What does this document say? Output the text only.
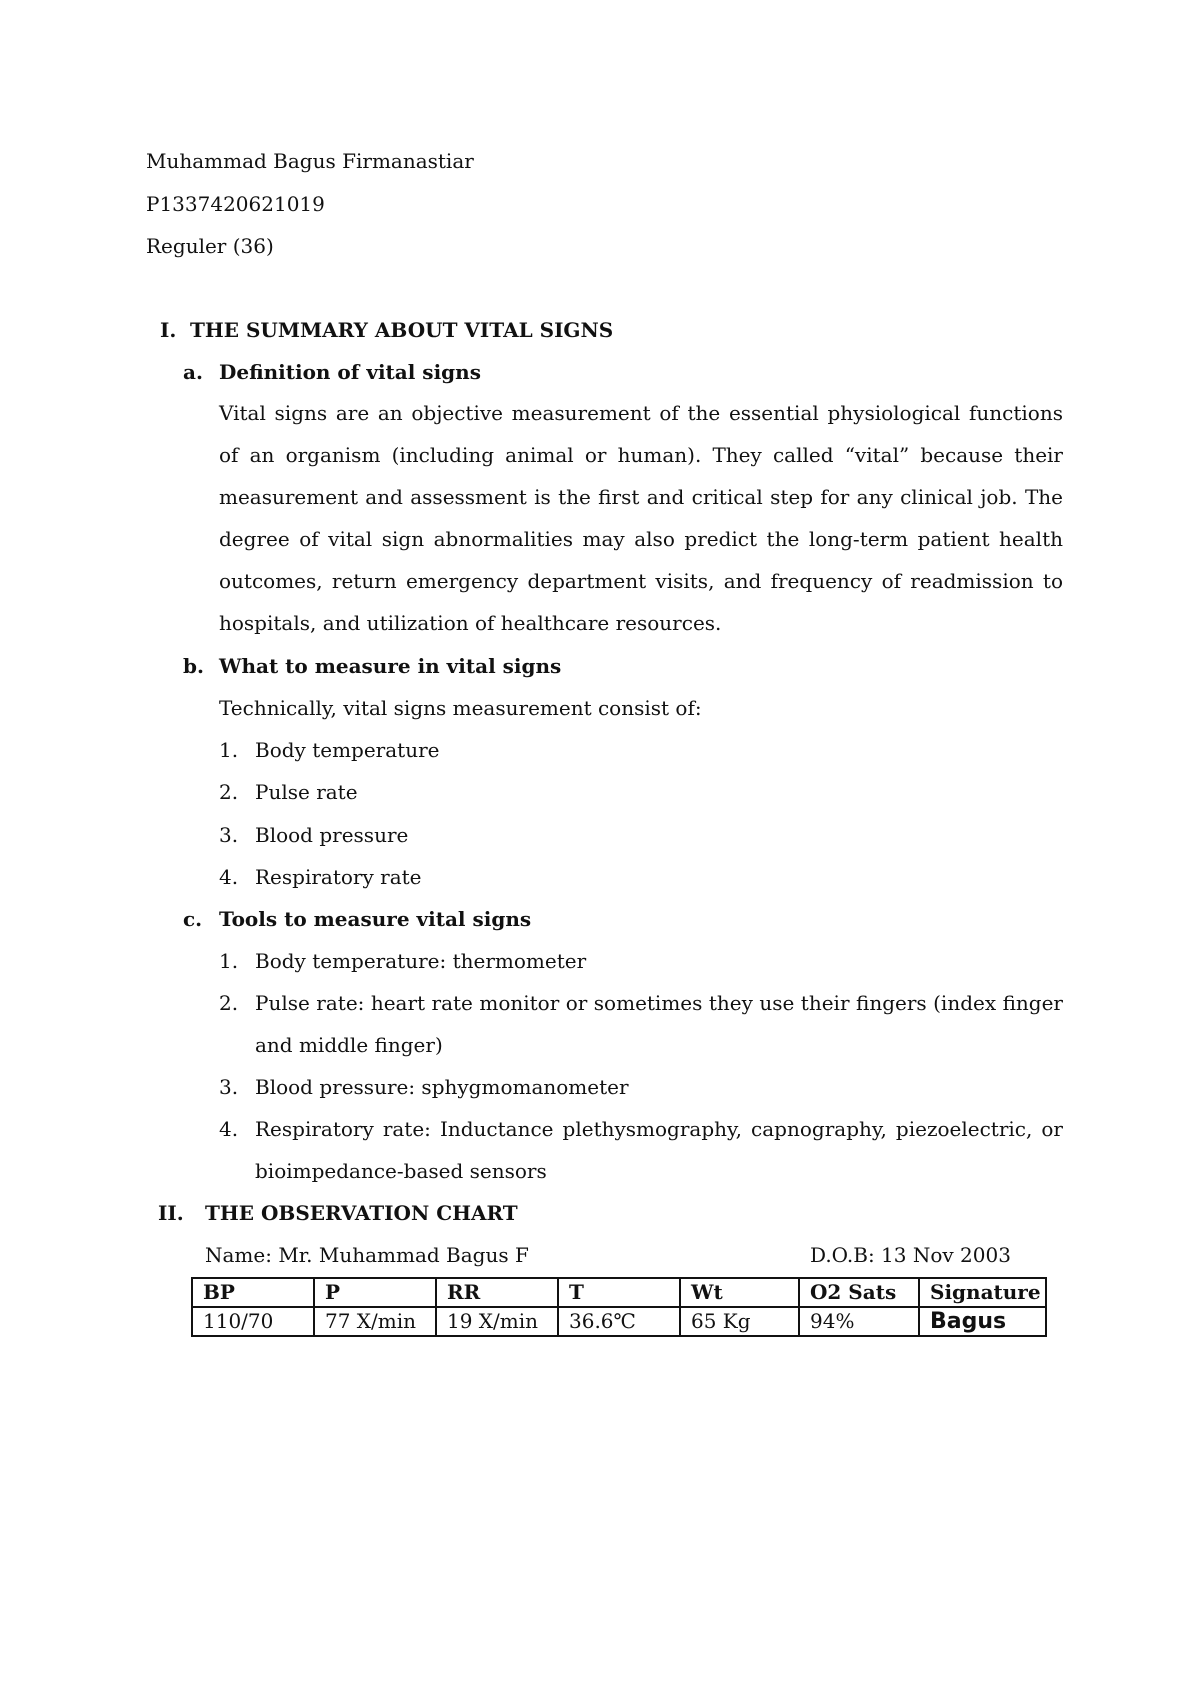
Muhammad Bagus Firmanastiar
P1337420621019
Reguler (36)
I. THE SUMMARY ABOUT VITAL SIGNS
a. Definition of vital signs
Vital signs are an objective measurement of the essential physiological functions of an organism (including animal or human). They called “vital” because their measurement and assessment is the first and critical step for any clinical job. The degree of vital sign abnormalities may also predict the long-term patient health outcomes, return emergency department visits, and frequency of readmission to hospitals, and utilization of healthcare resources.
b. What to measure in vital signs
Technically, vital signs measurement consist of:
1. Body temperature
2. Pulse rate
3. Blood pressure
4. Respiratory rate
c. Tools to measure vital signs
1. Body temperature: thermometer
2. Pulse rate: heart rate monitor or sometimes they use their fingers (index finger and middle finger)
3. Blood pressure: sphygmomanometer
4. Respiratory rate: Inductance plethysmography, capnography, piezoelectric, or bioimpedance-based sensors
II. THE OBSERVATION CHART
Name: Mr. Muhammad Bagus F	D.O.B: 13 Nov 2003
BP	P	RR	T	Wt	O2 Sats	Signature
110/70	77 X/min	19 X/min	36.6℃	65 Kg	94%	Bagus
